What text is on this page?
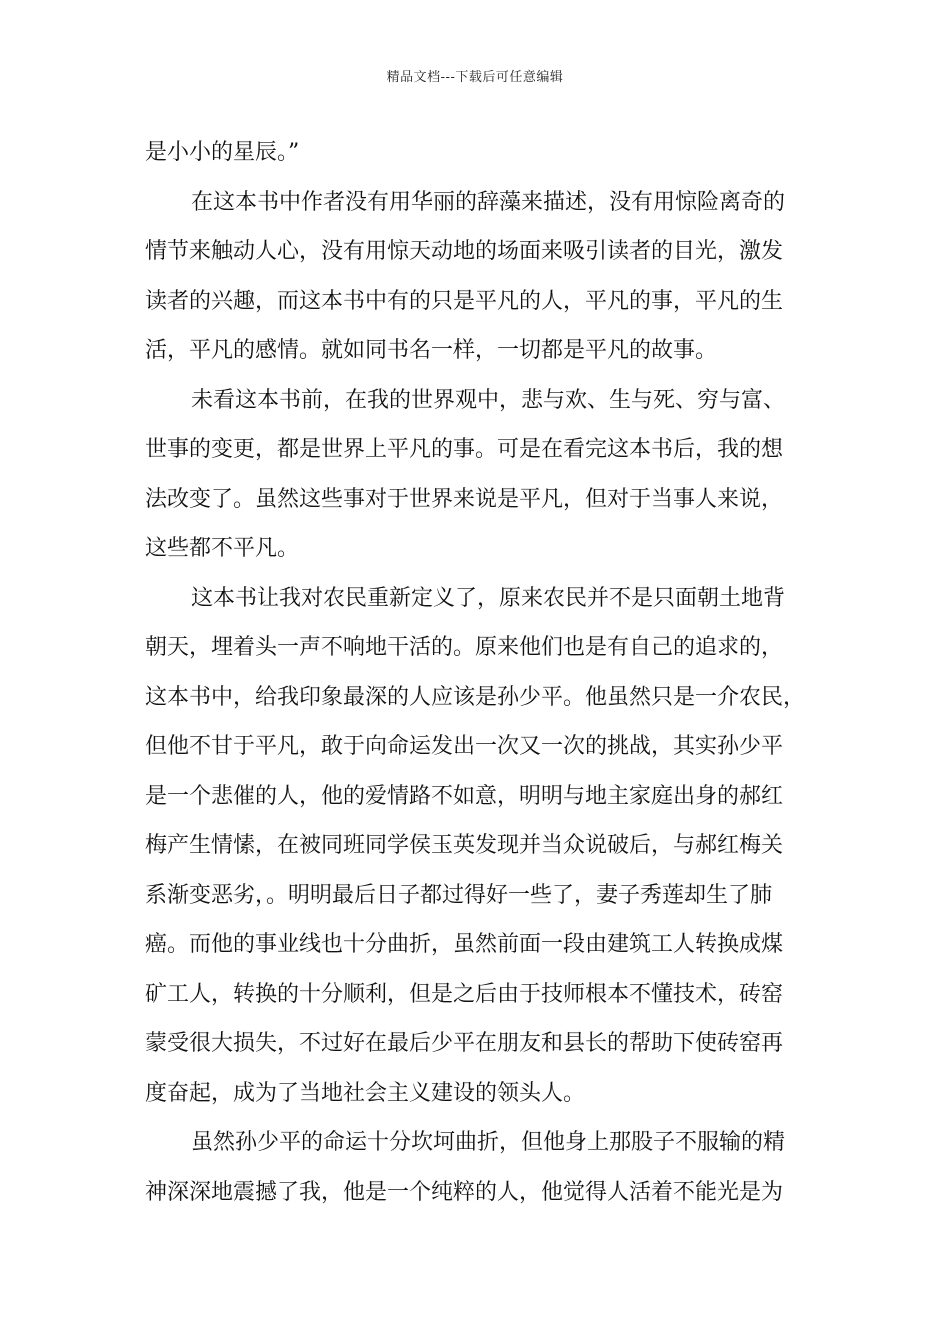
精品文档---下载后可任意编辑
是小小的星辰。”
在这本书中作者没有用华丽的辞藻来描述，没有用惊险离奇的
情节来触动人心，没有用惊天动地的场面来吸引读者的目光，激发
读者的兴趣，而这本书中有的只是平凡的人，平凡的事，平凡的生
活，平凡的感情。就如同书名一样，一切都是平凡的故事。
未看这本书前，在我的世界观中，悲与欢、生与死、穷与富、
世事的变更，都是世界上平凡的事。可是在看完这本书后，我的想
法改变了。虽然这些事对于世界来说是平凡，但对于当事人来说，
这些都不平凡。
这本书让我对农民重新定义了，原来农民并不是只面朝土地背
朝天，埋着头一声不响地干活的。原来他们也是有自己的追求的，
这本书中，给我印象最深的人应该是孙少平。他虽然只是一介农民，
但他不甘于平凡，敢于向命运发出一次又一次的挑战，其实孙少平
是一个悲催的人，他的爱情路不如意，明明与地主家庭出身的郝红
梅产生情愫，在被同班同学侯玉英发现并当众说破后，与郝红梅关
系渐变恶劣，。明明最后日子都过得好一些了，妻子秀莲却生了肺
癌。而他的事业线也十分曲折，虽然前面一段由建筑工人转换成煤
矿工人，转换的十分顺利，但是之后由于技师根本不懂技术，砖窑
蒙受很大损失，不过好在最后少平在朋友和县长的帮助下使砖窑再
度奋起，成为了当地社会主义建设的领头人。
虽然孙少平的命运十分坎坷曲折，但他身上那股子不服输的精
神深深地震撼了我，他是一个纯粹的人，他觉得人活着不能光是为
